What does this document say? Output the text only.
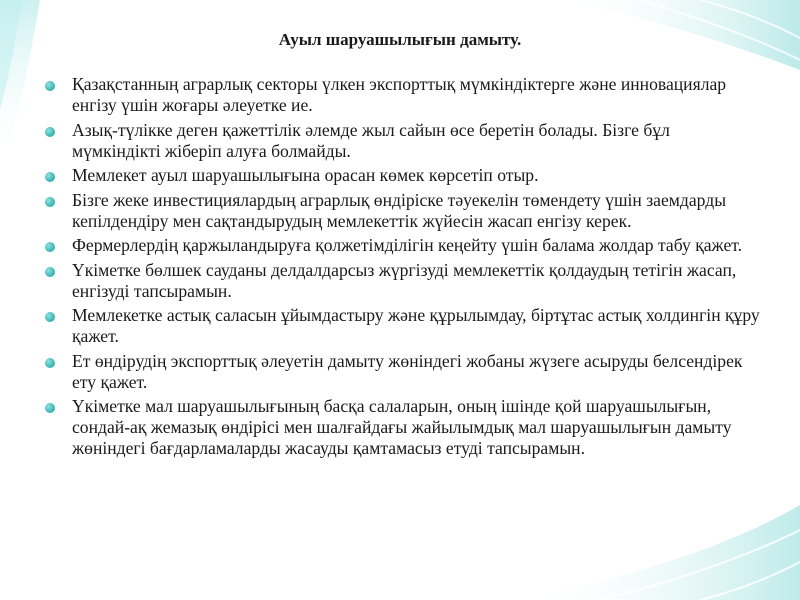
Ауыл шаруашылығын дамыту.
Қазақстанның аграрлық секторы үлкен экспорттық мүмкіндіктерге және инновациялар енгізу үшін жоғары әлеуетке ие.
Азық-түлікке деген қажеттілік әлемде жыл сайын өсе беретін болады. Бізге бұл мүмкіндікті жіберіп алуға болмайды.
Мемлекет ауыл шаруашылығына орасан көмек көрсетіп отыр.
Бізге жеке инвестициялардың аграрлық өндіріске тәуекелін төмендету үшін заемдарды кепілдендіру мен сақтандырудың мемлекеттік жүйесін жасап енгізу керек.
Фермерлердің қаржыландыруға қолжетімділігін кеңейту үшін балама жолдар табу қажет.
Үкіметке бөлшек сауданы делдалдарсыз жүргізуді мемлекеттік қолдаудың тетігін жасап, енгізуді тапсырамын.
Мемлекетке астық саласын ұйымдастыру және құрылымдау, біртұтас астық холдингін құру қажет.
Ет өндірудің экспорттық әлеуетін дамыту жөніндегі жобаны жүзеге асыруды белсендірек ету қажет.
Үкіметке мал шаруашылығының басқа салаларын, оның ішінде қой шаруашылығын, сондай-ақ жемазық өндірісі мен шалғайдағы жайылымдық мал шаруашылығын дамыту жөніндегі бағдарламаларды жасауды қамтамасыз етуді тапсырамын.
